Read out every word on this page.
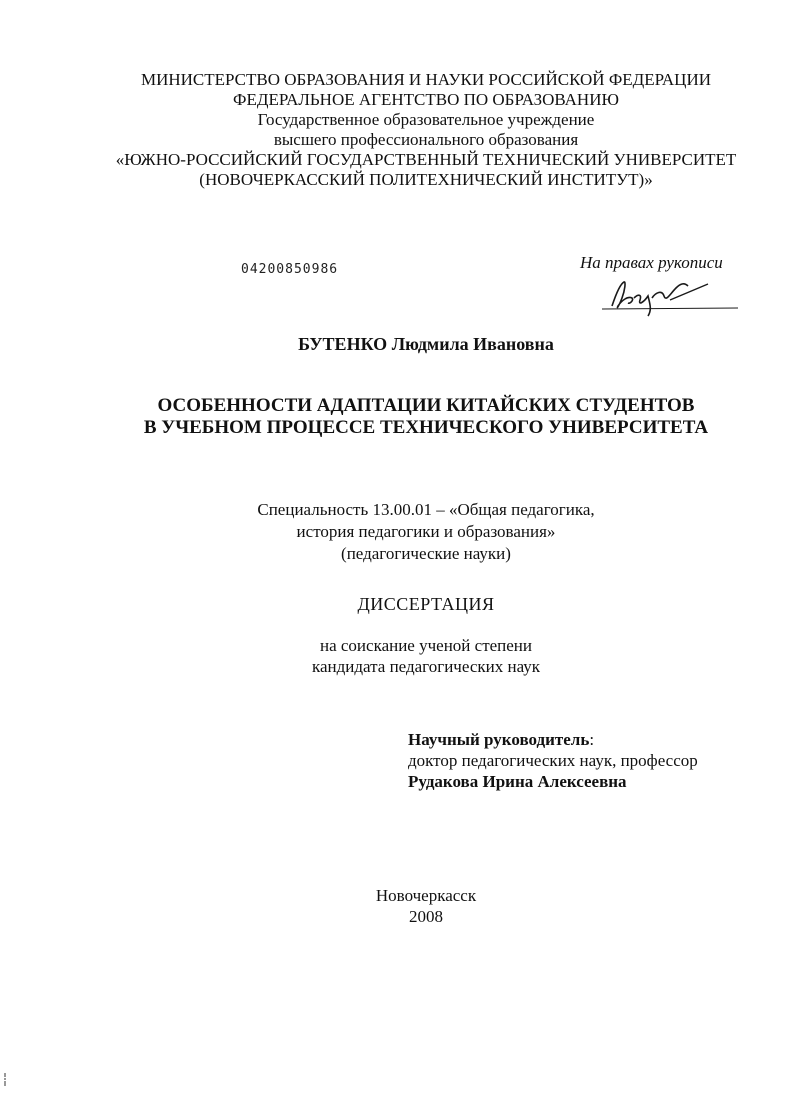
МИНИСТЕРСТВО ОБРАЗОВАНИЯ И НАУКИ РОССИЙСКОЙ ФЕДЕРАЦИИ
ФЕДЕРАЛЬНОЕ АГЕНТСТВО ПО ОБРАЗОВАНИЮ
Государственное образовательное учреждение
высшего профессионального образования
«ЮЖНО-РОССИЙСКИЙ ГОСУДАРСТВЕННЫЙ ТЕХНИЧЕСКИЙ УНИВЕРСИТЕТ
(НОВОЧЕРКАССКИЙ ПОЛИТЕХНИЧЕСКИЙ ИНСТИТУТ)»
04200850986	На правах рукописи
БУТЕНКО Людмила Ивановна
ОСОБЕННОСТИ АДАПТАЦИИ КИТАЙСКИХ СТУДЕНТОВ
В УЧЕБНОМ ПРОЦЕССЕ ТЕХНИЧЕСКОГО УНИВЕРСИТЕТА
Специальность 13.00.01 – «Общая педагогика,
история педагогики и образования»
(педагогические науки)
ДИССЕРТАЦИЯ
на соискание ученой степени
кандидата педагогических наук
Научный руководитель:
доктор педагогических наук, профессор
Рудакова Ирина Алексеевна
Новочеркасск
2008
